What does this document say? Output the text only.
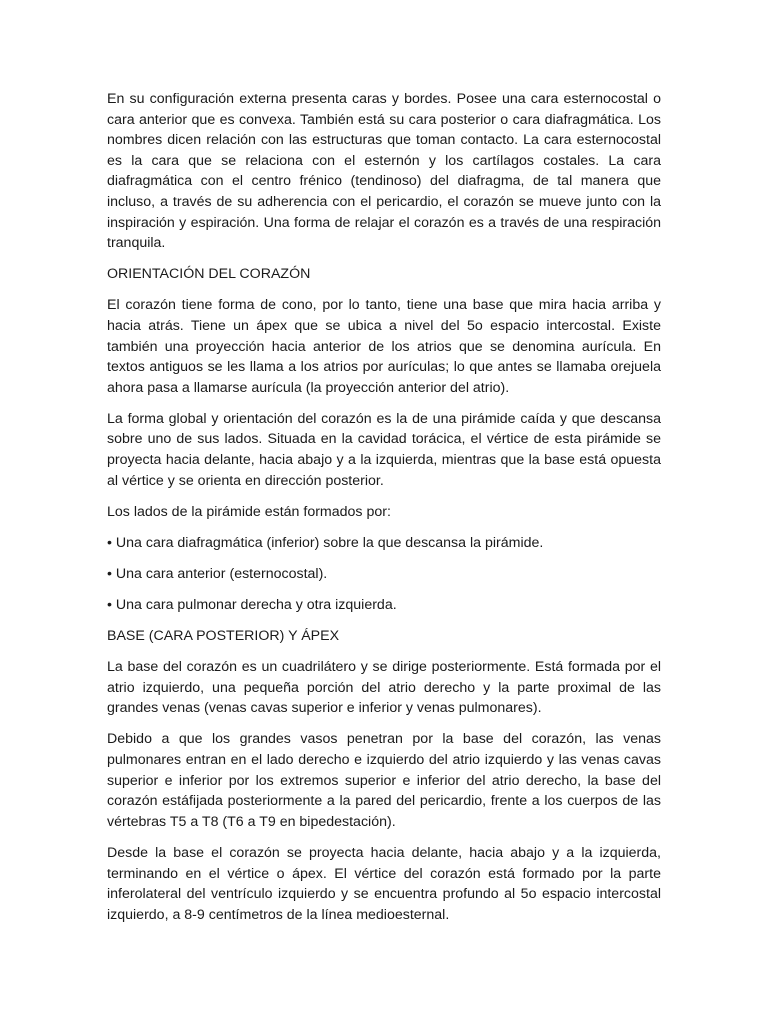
En su configuración externa presenta caras y bordes. Posee una cara esternocostal o cara anterior que es convexa. También está su cara posterior o cara diafragmática. Los nombres dicen relación con las estructuras que toman contacto. La cara esternocostal es la cara que se relaciona con el esternón y los cartílagos costales. La cara diafragmática con el centro frénico (tendinoso) del diafragma, de tal manera que incluso, a través de su adherencia con el pericardio, el corazón se mueve junto con la inspiración y espiración. Una forma de relajar el corazón es a través de una respiración tranquila.

ORIENTACIÓN DEL CORAZÓN

El corazón tiene forma de cono, por lo tanto, tiene una base que mira hacia arriba y hacia atrás. Tiene un ápex que se ubica a nivel del 5o espacio intercostal. Existe también una proyección hacia anterior de los atrios que se denomina aurícula. En textos antiguos se les llama a los atrios por aurículas; lo que antes se llamaba orejuela ahora pasa a llamarse aurícula (la proyección anterior del atrio).

La forma global y orientación del corazón es la de una pirámide caída y que descansa sobre uno de sus lados. Situada en la cavidad torácica, el vértice de esta pirámide se proyecta hacia delante, hacia abajo y a la izquierda, mientras que la base está opuesta al vértice y se orienta en dirección posterior.

Los lados de la pirámide están formados por:

• Una cara diafragmática (inferior) sobre la que descansa la pirámide.

• Una cara anterior (esternocostal).

• Una cara pulmonar derecha y otra izquierda.

BASE (CARA POSTERIOR) Y ÁPEX

La base del corazón es un cuadrilátero y se dirige posteriormente. Está formada por el atrio izquierdo, una pequeña porción del atrio derecho y la parte proximal de las grandes venas (venas cavas superior e inferior y venas pulmonares).

Debido a que los grandes vasos penetran por la base del corazón, las venas pulmonares entran en el lado derecho e izquierdo del atrio izquierdo y las venas cavas superior e inferior por los extremos superior e inferior del atrio derecho, la base del corazón estáfijada posteriormente a la pared del pericardio, frente a los cuerpos de las vértebras T5 a T8 (T6 a T9 en bipedestación).

Desde la base el corazón se proyecta hacia delante, hacia abajo y a la izquierda, terminando en el vértice o ápex. El vértice del corazón está formado por la parte inferolateral del ventrículo izquierdo y se encuentra profundo al 5o espacio intercostal izquierdo, a 8-9 centímetros de la línea medioesternal.
